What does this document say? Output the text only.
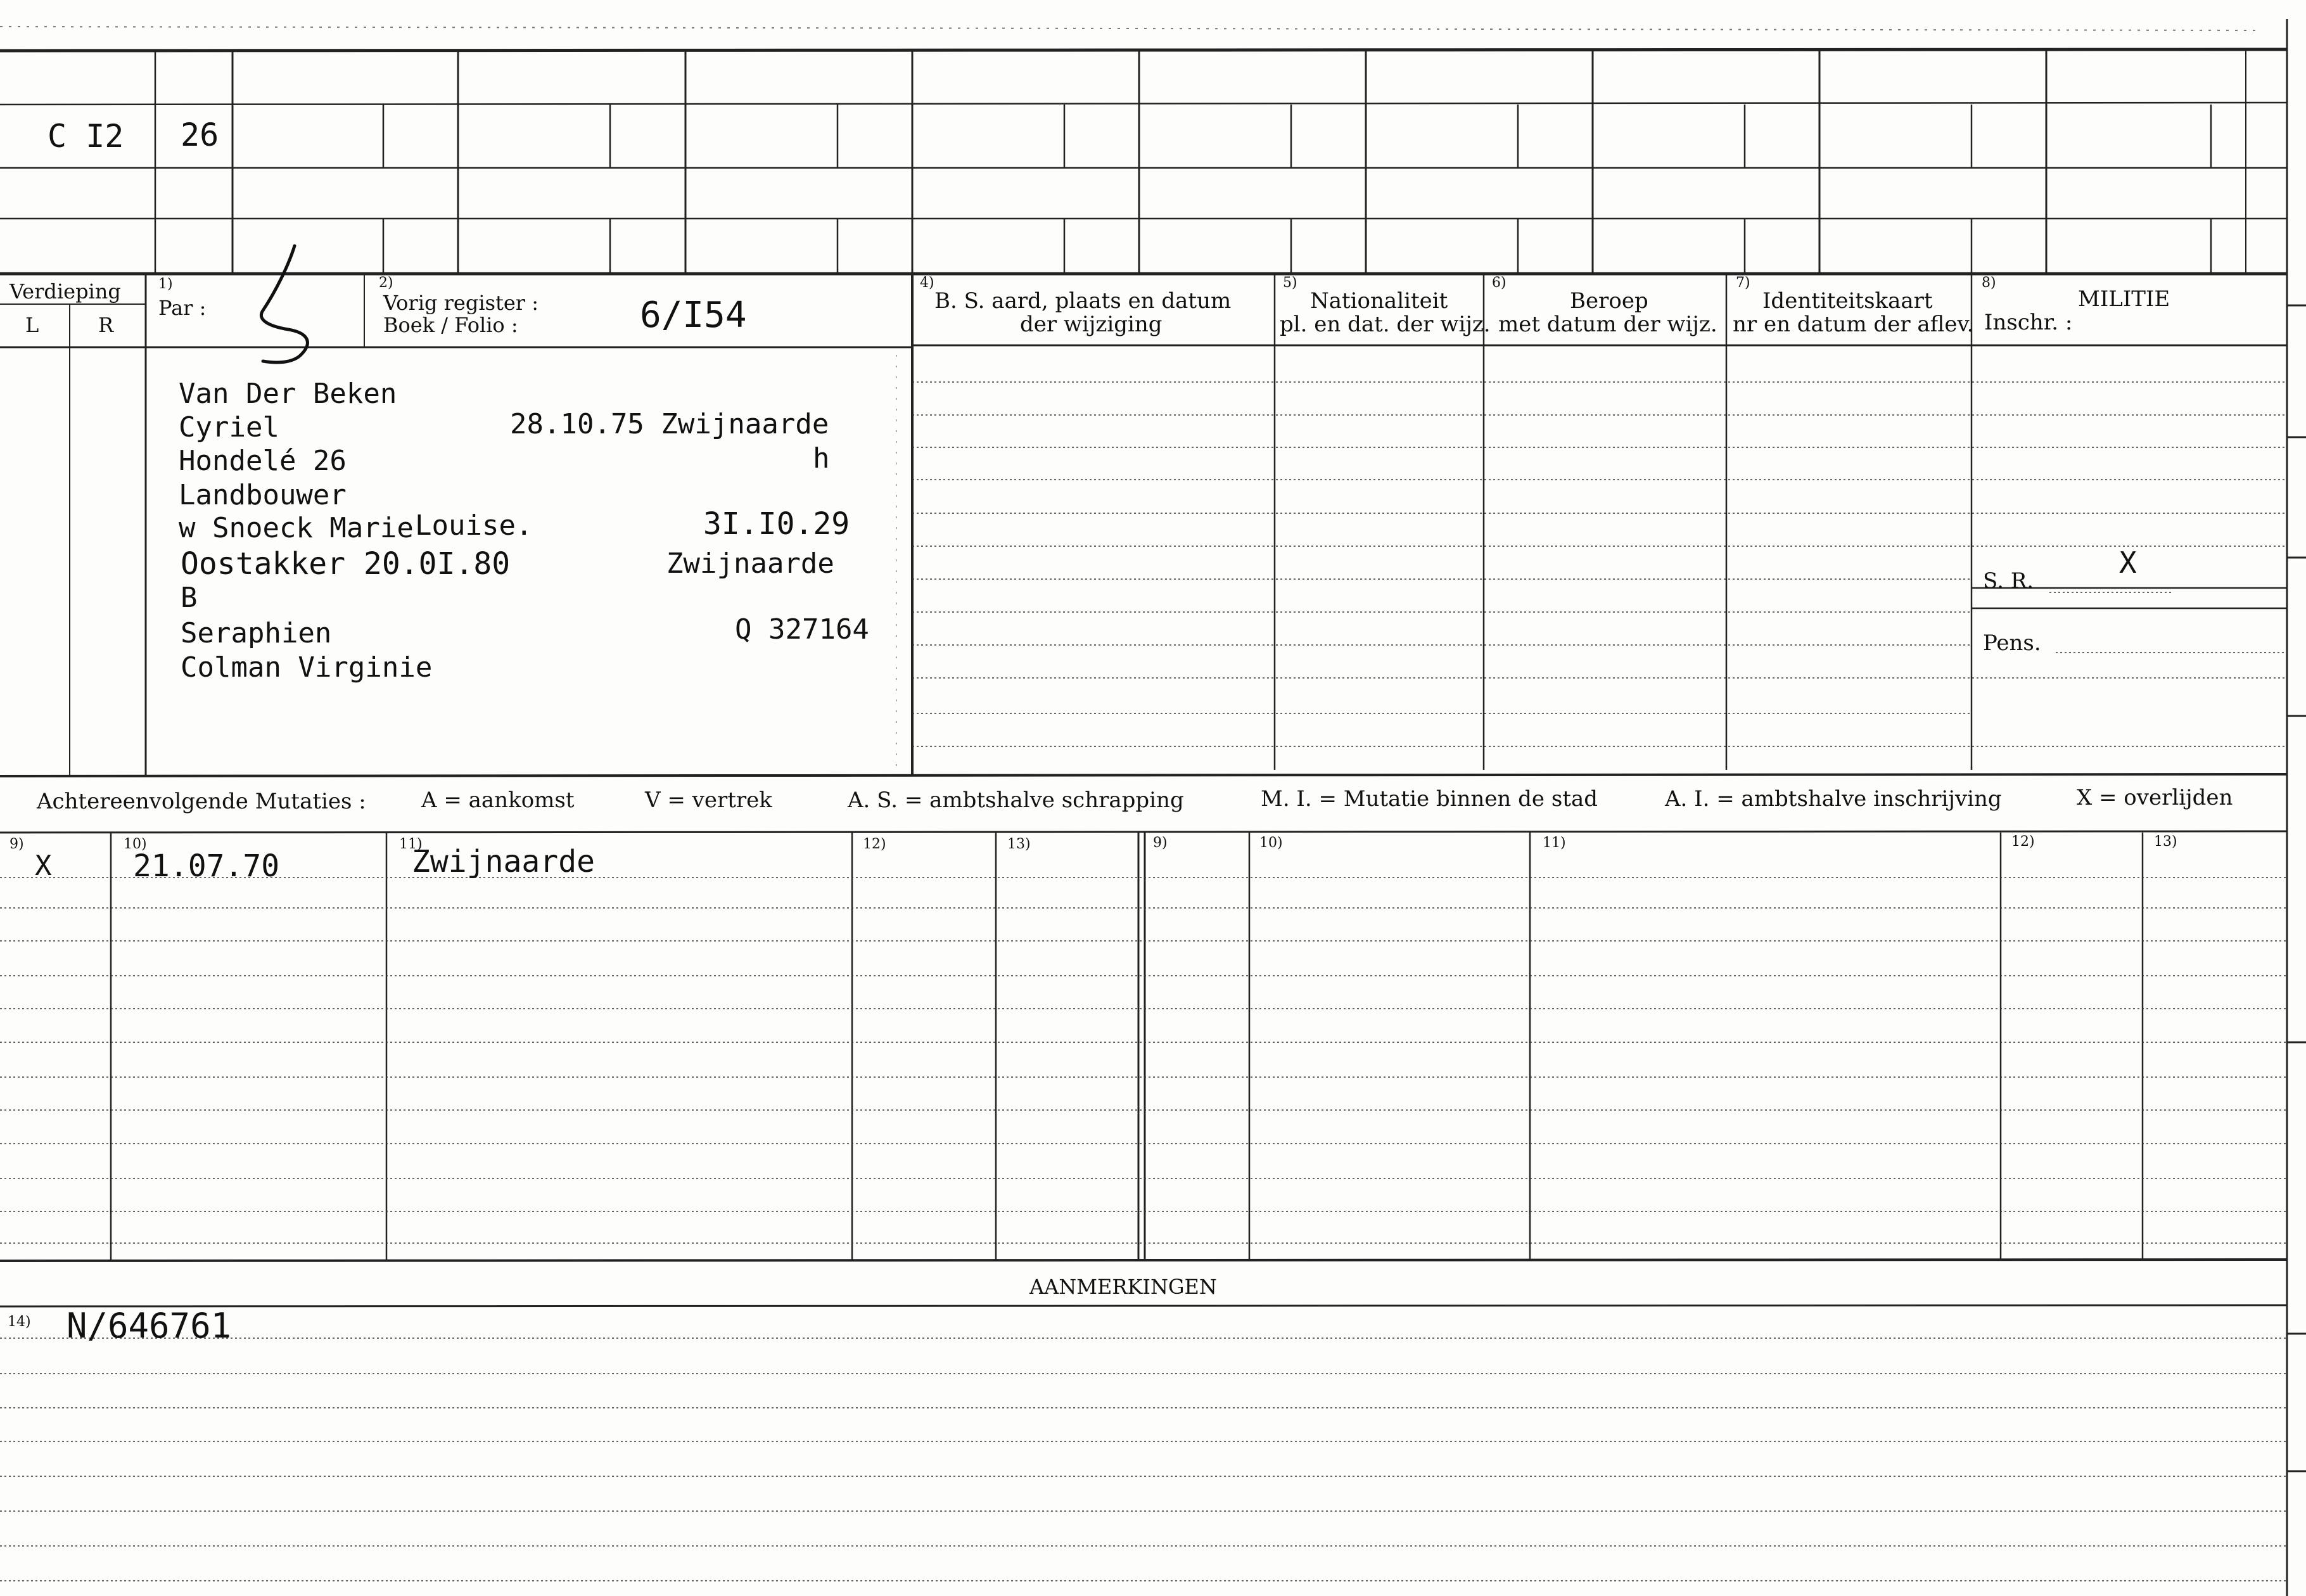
C I2 26
Verdieping
L	R
1)
Par :
2)
Vorig register :
Boek / Folio :	6/I54
4)
B. S. aard, plaats en datum
der wijziging
5)
Nationaliteit
pl. en dat. der wijz.
6)
Beroep
met datum der wijz.
7)
Identiteitskaart
nr en datum der aflev.
8)
MILITIE
Inschr. :
S. R.
X
Pens.
Van Der Beken
Cyriel	28.10.75 Zwijnaarde
Hondelé 26	h
Landbouwer
w Snoeck Marie Louise.	3I.I0.29
Oostakker 20.0I.80	Zwijnaarde
B
Seraphien	Q 327164
Colman Virginie
Achtereenvolgende Mutaties :	A = aankomst	V = vertrek	A. S. = ambtshalve schrapping	M. I. = Mutatie binnen de stad	A. I. = ambtshalve inschrijving	X = overlijden
9)	10)	11)	12)	13)	9)	10)	11)	12)	13)
X	21.07.70	Zwijnaarde
AANMERKINGEN
14) N/646761
